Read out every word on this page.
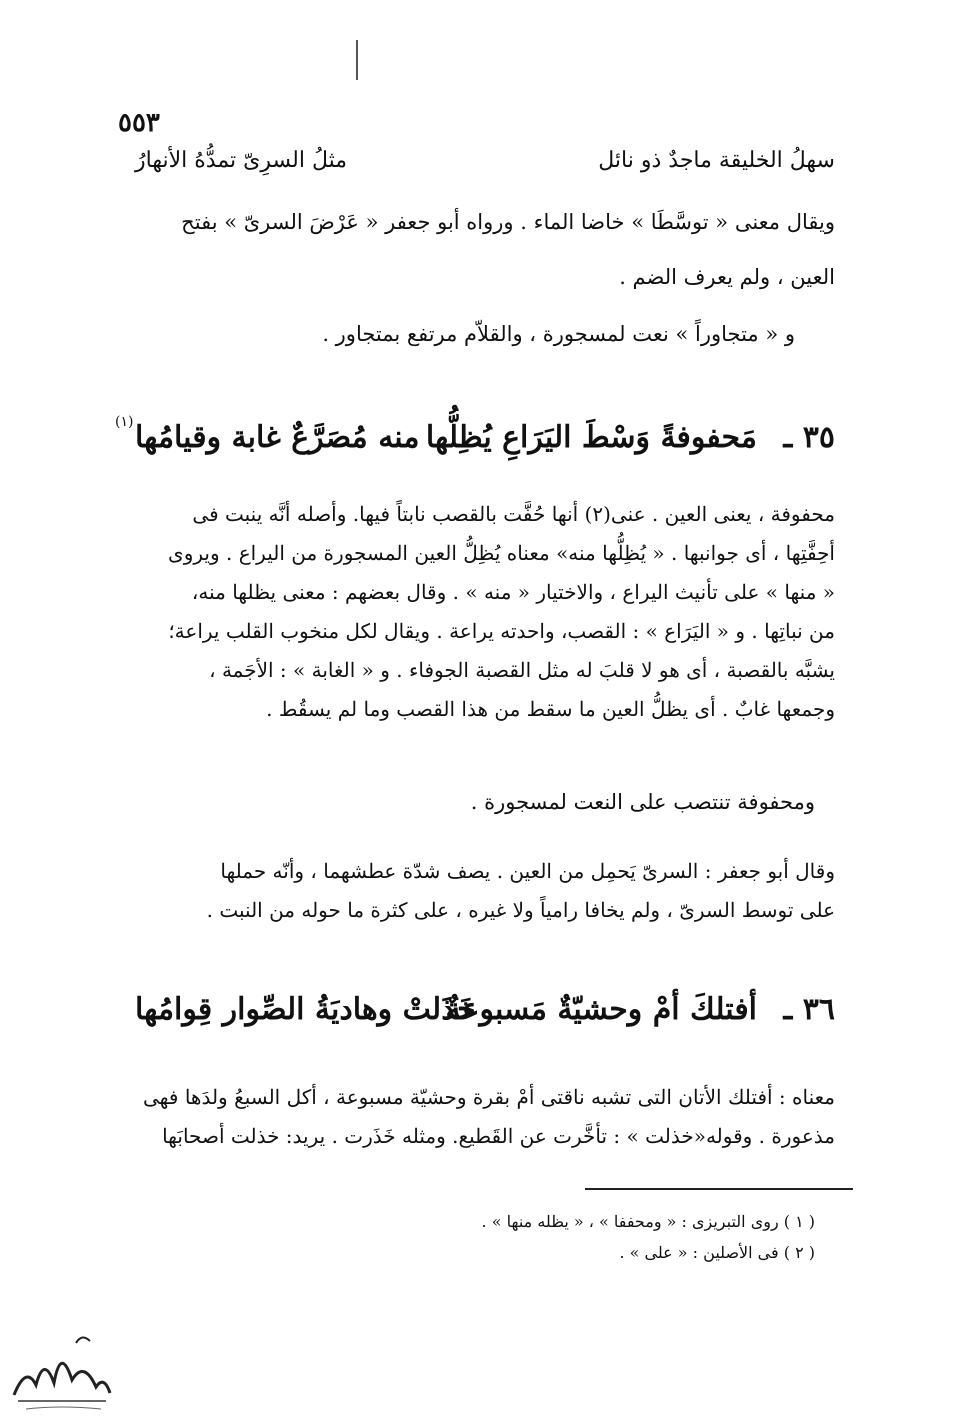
٥٥٣
سهلُ الخليقة ماجدٌ ذو نائل
مثلُ السرِىّ تمدُّهُ الأنهارُ
ويقال معنى « توسَّطَا » خاضا الماء . ورواه أبو جعفر « عَرْضَ السرىّ » بفتح
العين ، ولم يعرف الضم .
و « متجاوراً » نعت لمسجورة ، والقلاّم مرتفع بمتجاور .
٣٥ ـ
مَحفوفةً وَسْطَ اليَرَاعِ يُظِلُّها
منه مُصَرَّعٌ غابة وقيامُها
(١)
محفوفة ، يعنى العين . عنى(٢) أنها حُفَّت بالقصب نابتاً فيها. وأصله أنَّه ينبت فى
أحِفَّتِها ، أى جوانبها . « يُظِلُّها منه» معناه يُظِلُّ العين المسجورة من اليراع . ويروى
« منها » على تأنيث اليراع ، والاختيار « منه » . وقال بعضهم : معنى يظلها منه،
من نباتِها . و « اليَرَاع » : القصب، واحدته يراعة . ويقال لكل منخوب القلب يراعة؛
يشبَّه بالقصبة ، أى هو لا قلبَ له مثل القصبة الجوفاء . و « الغابة » : الأجَمة ،
وجمعها غابٌ . أى يظلُّ العين ما سقط من هذا القصب وما لم يسقُط .
ومحفوفة تنتصب على النعت لمسجورة .
وقال أبو جعفر : السرىّ يَحمِل من العين . يصف شدّة عطشهما ، وأنّه حملها
على توسط السرىّ ، ولم يخافا رامياً ولا غيره ، على كثرة ما حوله من النبت .
٣٦ ـ
أفتلكَ أمْ وحشيّةٌ مَسبوعةٌ
خَذَلتْ وهاديَةُ الصِّوار قِوامُها
معناه : أفتلك الأتان التى تشبه ناقتى أمْ بقرة وحشيّة مسبوعة ، أكل السبعُ ولدَها فهى
مذعورة . وقوله«خذلت » : تأخَّرت عن القَطيع. ومثله خَذَرت . يريد: خذلت أصحابَها
( ١ ) روى التبريزى : « ومحففا » ، « يظله منها » .
( ٢ ) فى الأصلين : « على » .
